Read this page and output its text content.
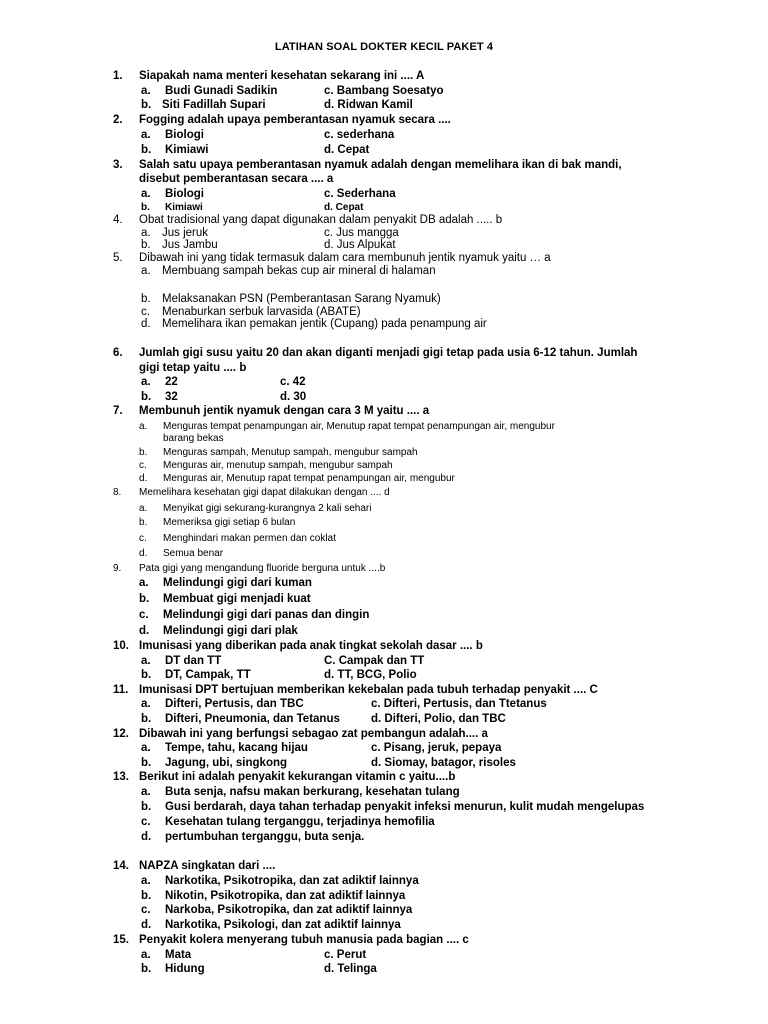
LATIHAN SOAL DOKTER KECIL PAKET 4
1. Siapakah nama menteri kesehatan sekarang ini .... A
a. Budi Gunadi Sadikin	c. Bambang Soesatyo
b. Siti Fadillah Supari	d. Ridwan Kamil
2. Fogging adalah upaya pemberantasan nyamuk secara ....
a. Biologi	c. sederhana
b. Kimiawi	d. Cepat
3. Salah satu upaya pemberantasan nyamuk adalah dengan memelihara ikan di bak mandi,
disebut pemberantasan secara .... a
a. Biologi	c. Sederhana
b. Kimiawi	d. Cepat
4. Obat tradisional yang dapat digunakan dalam penyakit DB adalah ..... b
a. Jus jeruk	c. Jus mangga
b. Jus Jambu	d. Jus Alpukat
5. Dibawah ini yang tidak termasuk dalam cara membunuh jentik nyamuk yaitu … a
a. Membuang sampah bekas cup air mineral di halaman
b. Melaksanakan PSN (Pemberantasan Sarang Nyamuk)
c. Menaburkan serbuk larvasida (ABATE)
d. Memelihara ikan pemakan jentik (Cupang) pada penampung air
6. Jumlah gigi susu yaitu 20 dan akan diganti menjadi gigi tetap pada usia 6-12 tahun. Jumlah
gigi tetap yaitu .... b
a. 22	c. 42
b. 32	d. 30
7. Membunuh jentik nyamuk dengan cara 3 M yaitu .... a
a. Menguras tempat penampungan air, Menutup rapat tempat penampungan air, mengubur
barang bekas
b. Menguras sampah, Menutup sampah, mengubur sampah
c. Menguras air, menutup sampah, mengubur sampah
d. Menguras air, Menutup rapat tempat penampungan air, mengubur
8. Memelihara kesehatan gigi dapat dilakukan dengan .... d
a. Menyikat gigi sekurang-kurangnya 2 kali sehari
b. Memeriksa gigi setiap 6 bulan
c. Menghindari makan permen dan coklat
d. Semua benar
9. Pata gigi yang mengandung fluoride berguna untuk ....b
a. Melindungi gigi dari kuman
b. Membuat gigi menjadi kuat
c. Melindungi gigi dari panas dan dingin
d. Melindungi gigi dari plak
10. Imunisasi yang diberikan pada anak tingkat sekolah dasar .... b
a. DT dan TT	C. Campak dan TT
b. DT, Campak, TT	d. TT, BCG, Polio
11. Imunisasi DPT bertujuan memberikan kekebalan pada tubuh terhadap penyakit .... C
a. Difteri, Pertusis, dan TBC	c. Difteri, Pertusis, dan Ttetanus
b. Difteri, Pneumonia, dan Tetanus	d. Difteri, Polio, dan TBC
12. Dibawah ini yang berfungsi sebagao zat pembangun adalah.... a
a. Tempe, tahu, kacang hijau	c. Pisang, jeruk, pepaya
b. Jagung, ubi, singkong	d. Siomay, batagor, risoles
13. Berikut ini adalah penyakit kekurangan vitamin c yaitu....b
a. Buta senja, nafsu makan berkurang, kesehatan tulang
b. Gusi berdarah, daya tahan terhadap penyakit infeksi menurun, kulit mudah mengelupas
c. Kesehatan tulang terganggu, terjadinya hemofilia
d. pertumbuhan terganggu, buta senja.
14. NAPZA singkatan dari ....
a. Narkotika, Psikotropika, dan zat adiktif lainnya
b. Nikotin, Psikotropika, dan zat adiktif lainnya
c. Narkoba, Psikotropika, dan zat adiktif lainnya
d. Narkotika, Psikologi, dan zat adiktif lainnya
15. Penyakit kolera menyerang tubuh manusia pada bagian .... c
a. Mata	c. Perut
b. Hidung	d. Telinga
